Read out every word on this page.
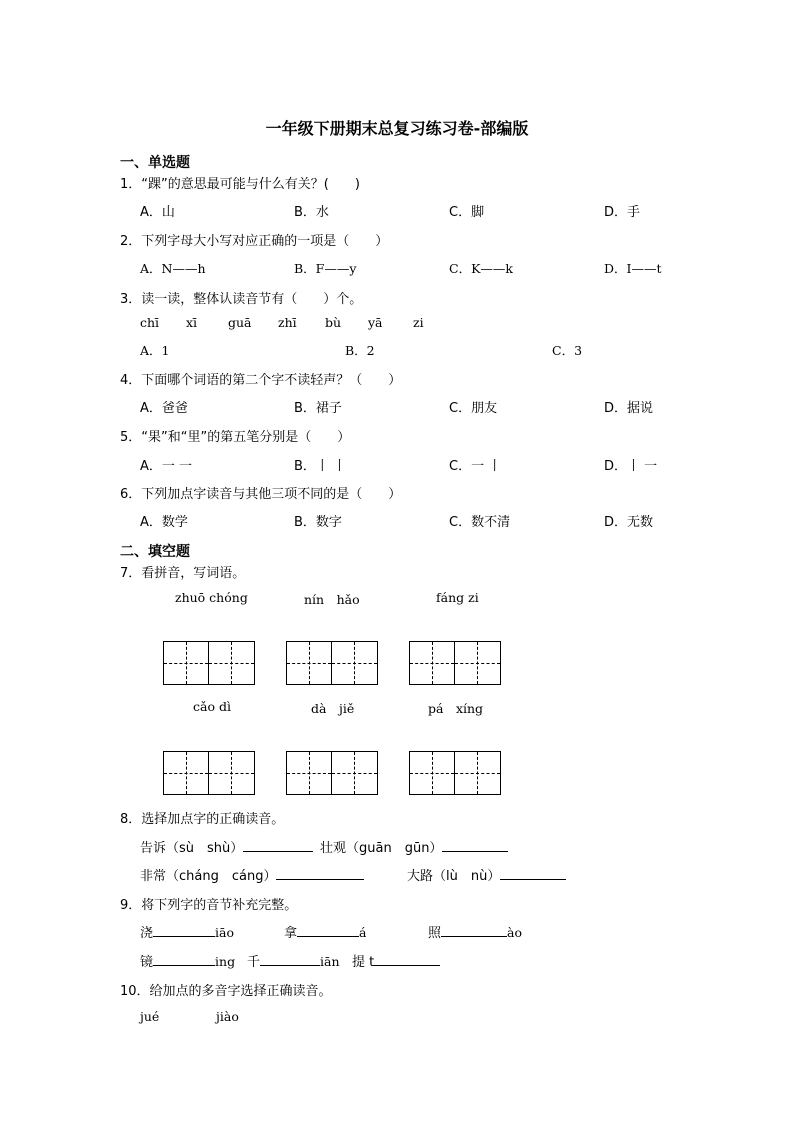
一年级下册期末总复习练习卷-部编版
一、单选题
1．“踝”的意思最可能与什么有关？(　　)
A．山	B．水	C．脚	D．手
2．下列字母大小写对应正确的一项是（　　）
A．N——h	B．F——y	C．K——k	D．I——t
3．读一读，整体认读音节有（　　）个。
chī xī guā zhī bù yā zi
A．1	B．2	C．3
4．下面哪个词语的第二个字不读轻声？（　　）
A．爸爸	B．裙子	C．朋友	D．据说
5．“果”和“里”的第五笔分别是（　　）
A．一 一	B．丨 丨	C．一 丨	D．丨 一
6．下列加点字读音与其他三项不同的是（　　）
A．数学	B．数字	C．数不清	D．无数
二、填空题
7．看拼音，写词语。
zhuō chóng	nín　hǎo	fáng zi
cǎo dì	dà　jiě	pá　xíng
8．选择加点字的正确读音。
告诉（sù　shù）	壮观（guān　gūn）
非常（cháng　cáng）	大路（lù　nù）
9．将下列字的音节补充完整。
浇	iāo	拿	á	照	ào
镜	ing 千	iān 提 t
10．给加点的多音字选择正确读音。
jué	jiào
